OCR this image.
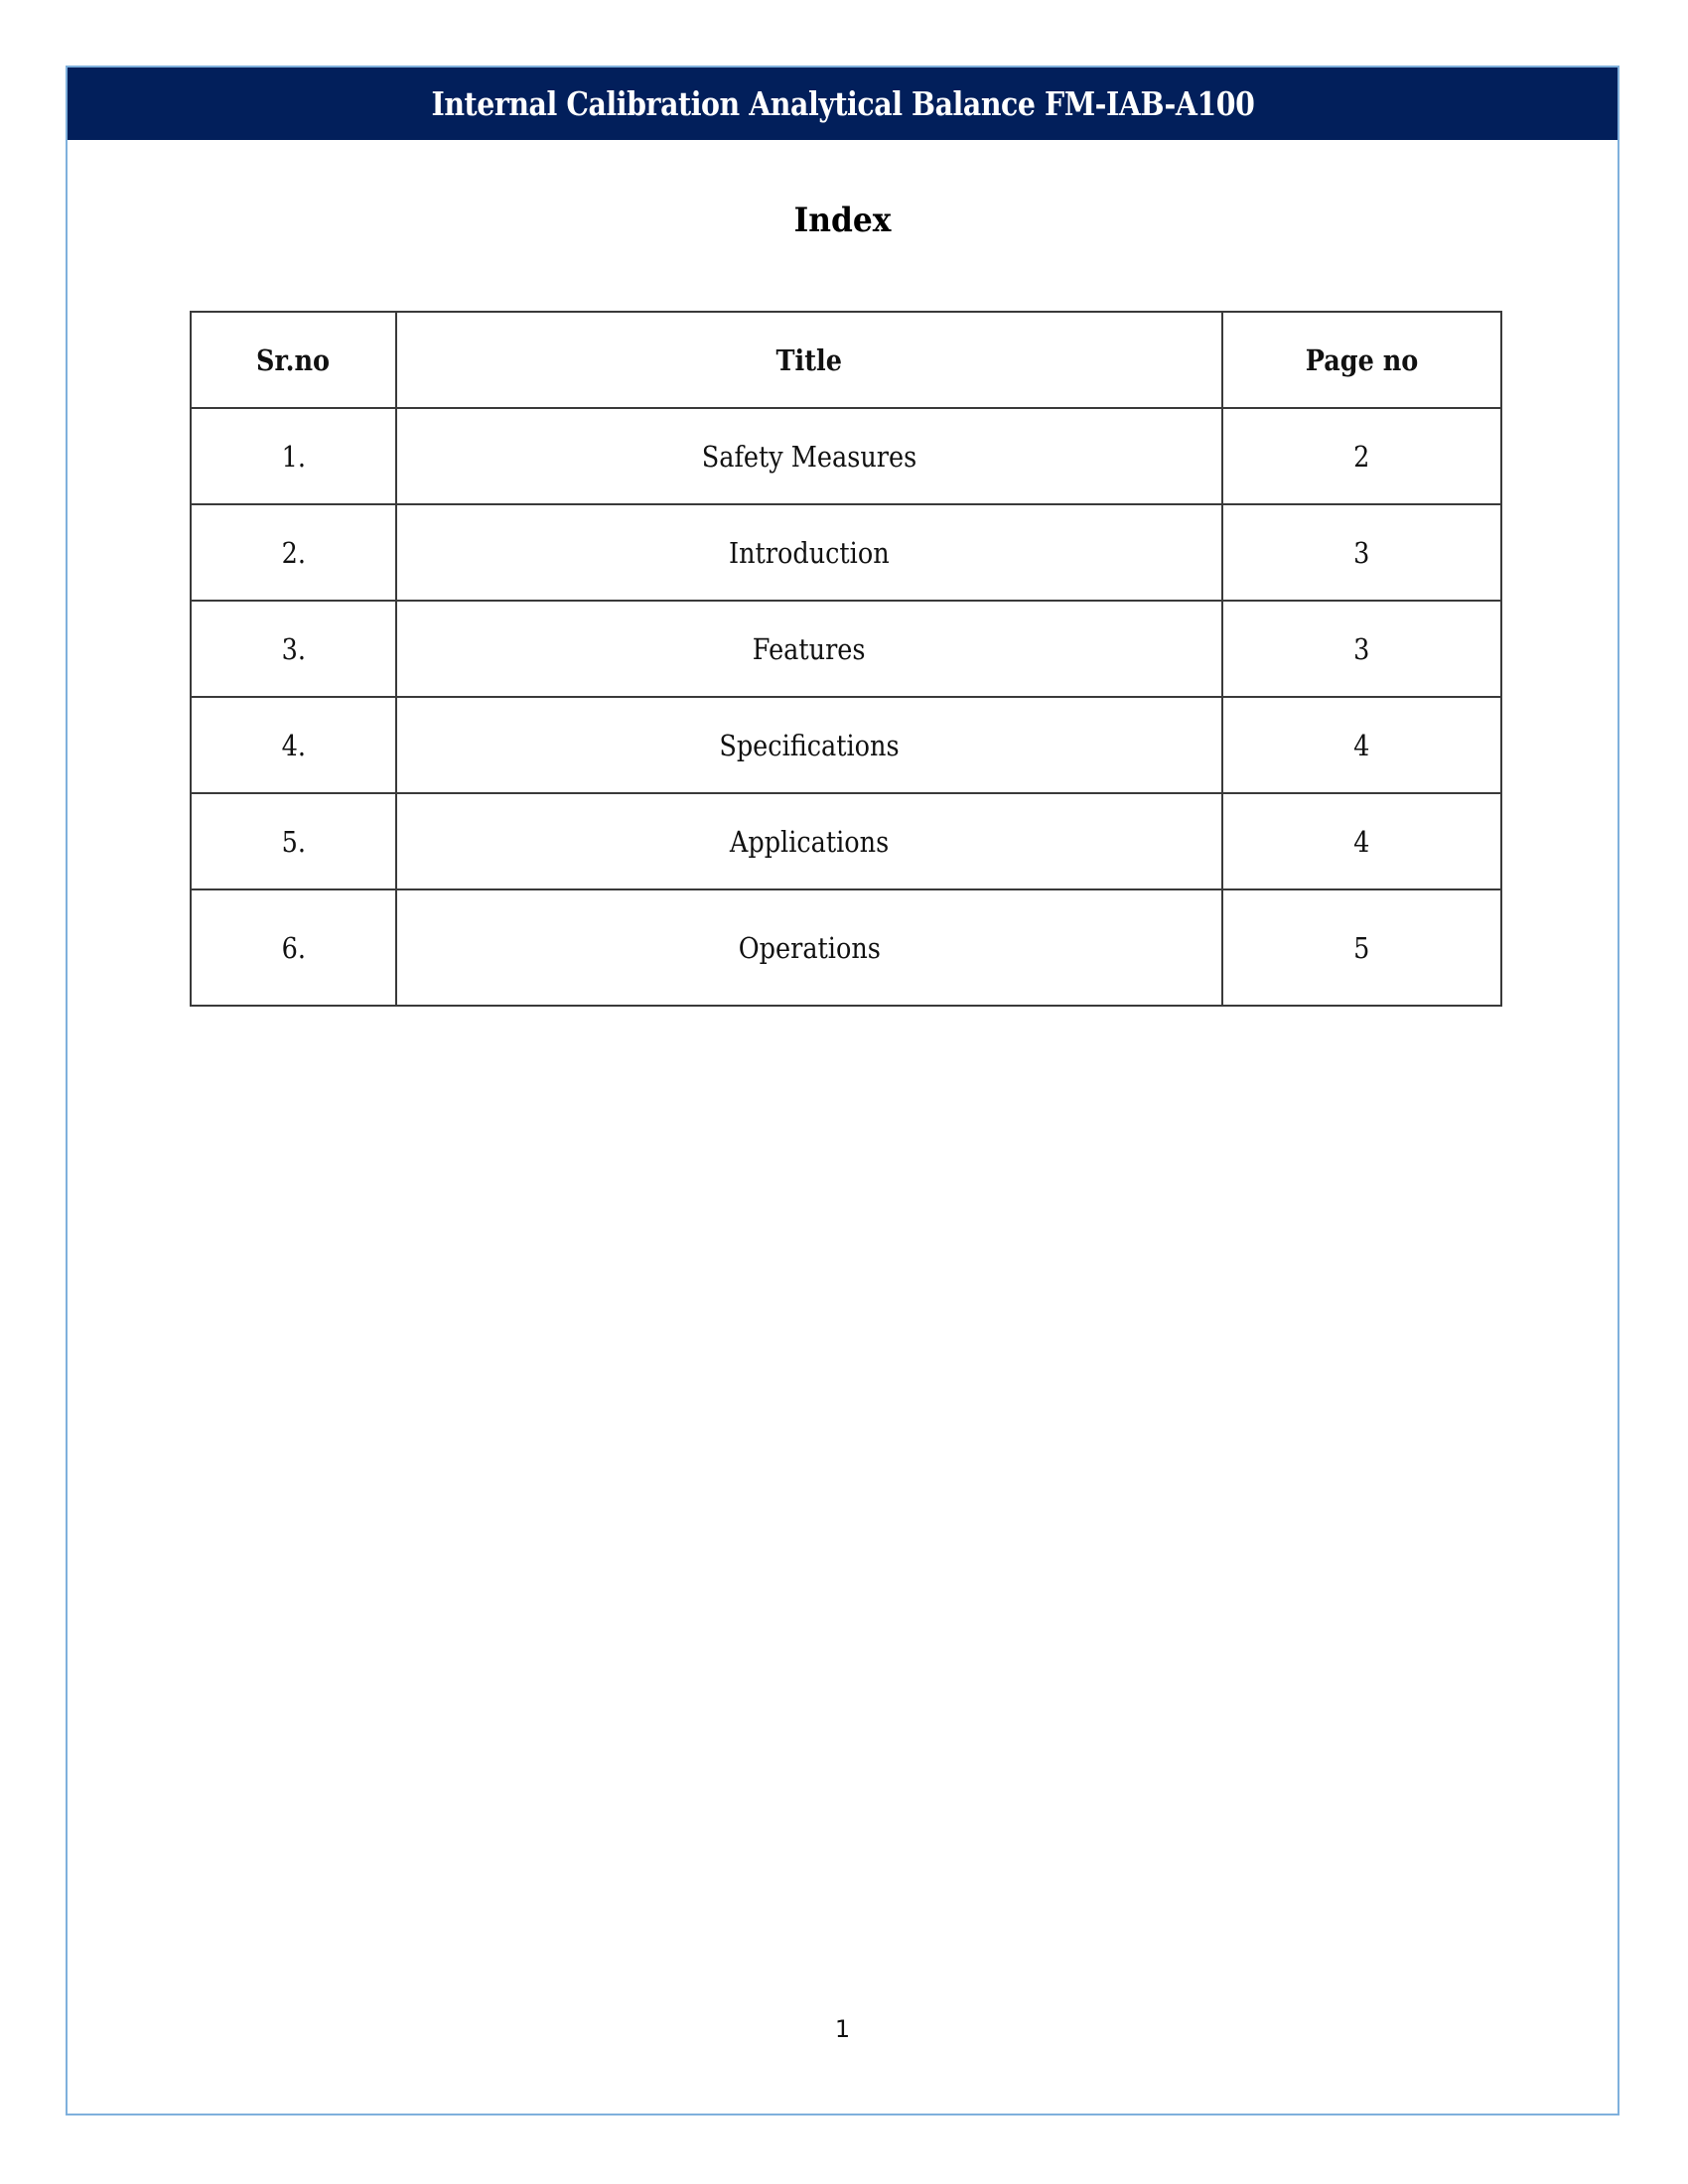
Internal Calibration Analytical Balance FM-IAB-A100
Index
Sr.no	Title	Page no
1.	Safety Measures	2
2.	Introduction	3
3.	Features	3
4.	Specifications	4
5.	Applications	4
6.	Operations	5
1
